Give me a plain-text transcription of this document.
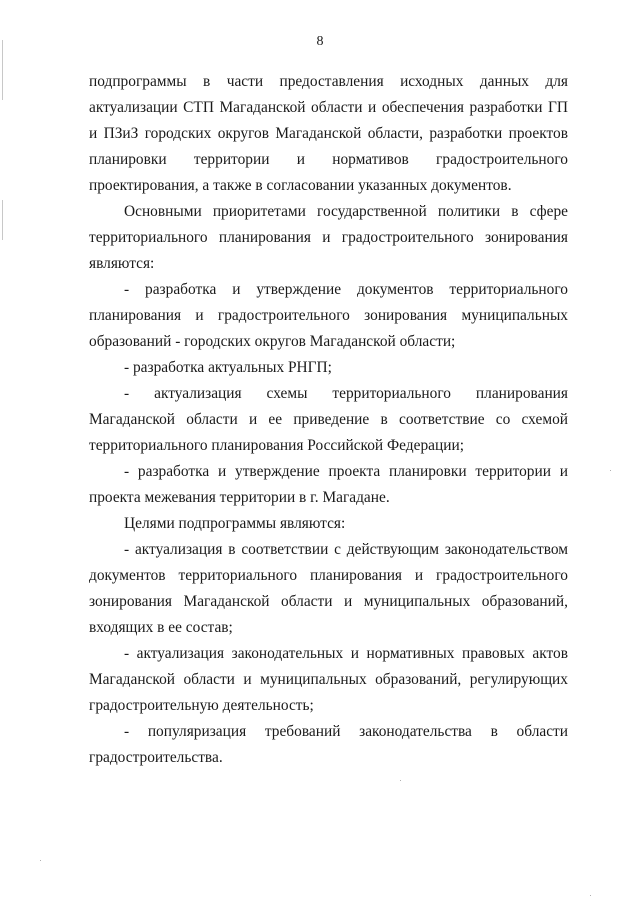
8

подпрограммы в части предоставления исходных данных для актуализации СТП Магаданской области и обеспечения разработки ГП и ПЗиЗ городских округов Магаданской области, разработки проектов планировки территории и нормативов градостроительного проектирования, а также в согласовании указанных документов.

Основными приоритетами государственной политики в сфере территориального планирования и градостроительного зонирования являются:

- разработка и утверждение документов территориального планирования и градостроительного зонирования муниципальных образований - городских округов Магаданской области;

- разработка актуальных РНГП;

- актуализация схемы территориального планирования Магаданской области и ее приведение в соответствие со схемой территориального планирования Российской Федерации;

- разработка и утверждение проекта планировки территории и проекта межевания территории в г. Магадане.

Целями подпрограммы являются:

- актуализация в соответствии с действующим законодательством документов территориального планирования и градостроительного зонирования Магаданской области и муниципальных образований, входящих в ее состав;

- актуализация законодательных и нормативных правовых актов Магаданской области и муниципальных образований, регулирующих градостроительную деятельность;

- популяризация требований законодательства в области градостроительства.
